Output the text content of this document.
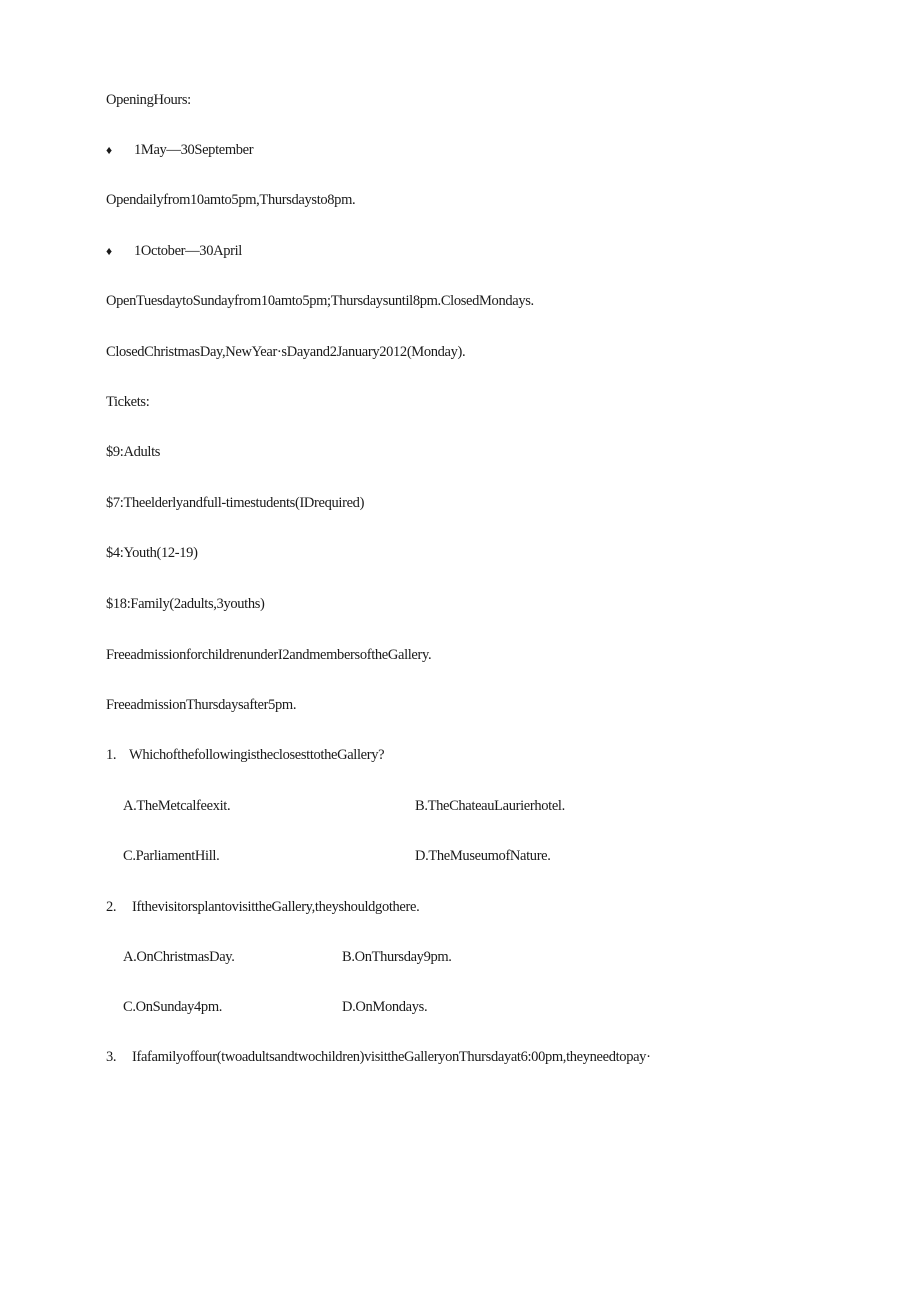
OpeningHours:
♦ 1May—30September
Opendailyfrom10amto5pm,Thursdaysto8pm.
♦ 1October—30April
OpenTuesdaytoSundayfrom10amto5pm;Thursdaysuntil8pm.ClosedMondays.
ClosedChristmasDay,NewYear·sDayand2January2012(Monday).
Tickets:
$9:Adults
$7:Theelderlyandfull-timestudents(IDrequired)
$4:Youth(12-19)
$18:Family(2adults,3youths)
FreeadmissionforchildrenunderI2andmembersoftheGallery.
FreeadmissionThursdaysafter5pm.
1. WhichofthefollowingistheclosesttotheGallery?
A.TheMetcalfeexit.	B.TheChateauLaurierhotel.
C.ParliamentHill.	D.TheMuseumofNature.
2. IfthevisitorsplantovisittheGallery,theyshouldgothere.
A.OnChristmasDay.	B.OnThursday9pm.
C.OnSunday4pm.	D.OnMondays.
3. Ifafamilyoffour(twoadultsandtwochildren)visittheGalleryonThursdayat6:00pm,theyneedtopay·
